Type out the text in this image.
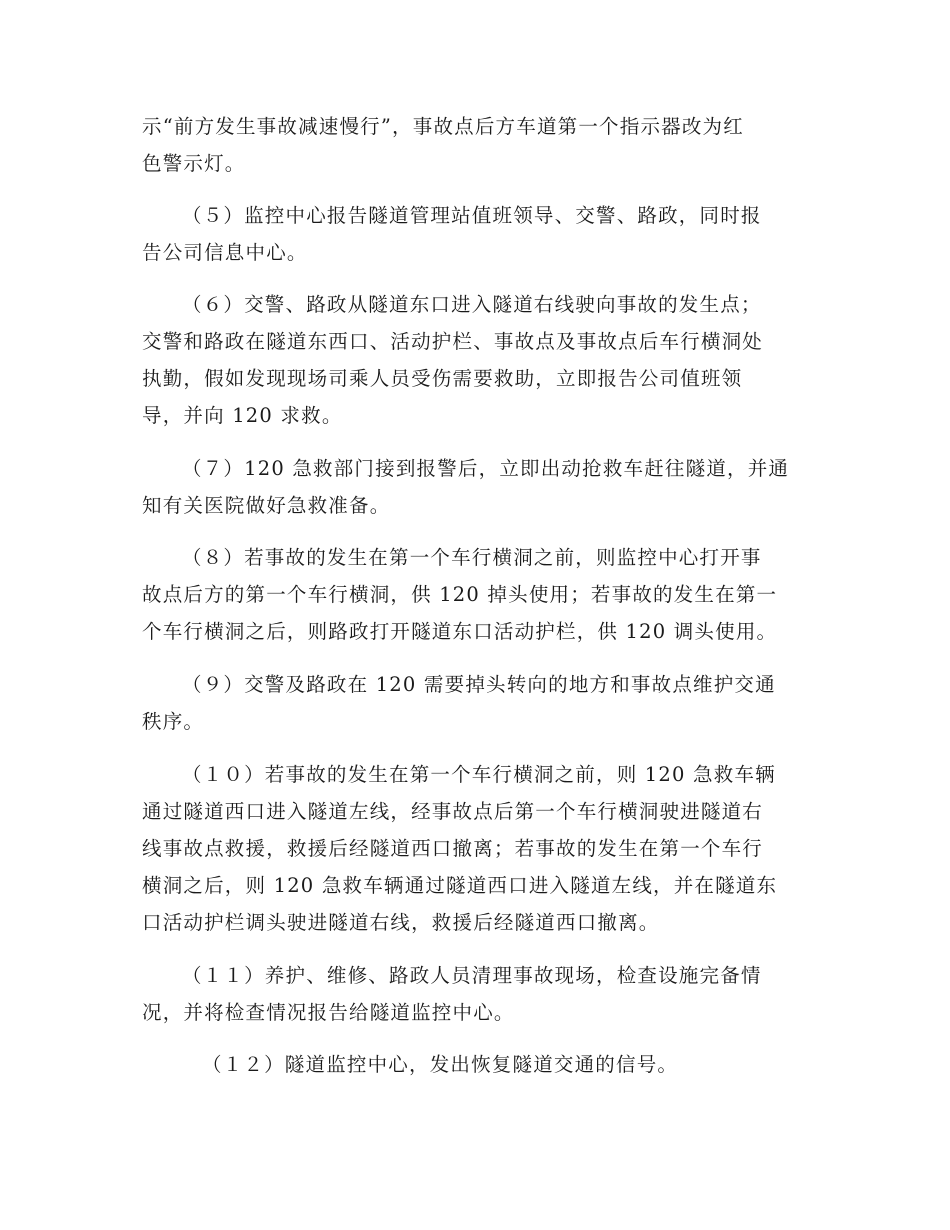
示“前方发生事故减速慢行”，事故点后方车道第一个指示器改为红
色警示灯。
（５）监控中心报告隧道管理站值班领导、交警、路政，同时报
告公司信息中心。
（６）交警、路政从隧道东口进入隧道右线驶向事故的发生点；
交警和路政在隧道东西口、活动护栏、事故点及事故点后车行横洞处
执勤，假如发现现场司乘人员受伤需要救助，立即报告公司值班领
导，并向 120 求救。
（７）120 急救部门接到报警后，立即出动抢救车赶往隧道，并通
知有关医院做好急救准备。
（８）若事故的发生在第一个车行横洞之前，则监控中心打开事
故点后方的第一个车行横洞，供 120 掉头使用；若事故的发生在第一
个车行横洞之后，则路政打开隧道东口活动护栏，供 120 调头使用。
（９）交警及路政在 120 需要掉头转向的地方和事故点维护交通
秩序。
（１０）若事故的发生在第一个车行横洞之前，则 120 急救车辆
通过隧道西口进入隧道左线，经事故点后第一个车行横洞驶进隧道右
线事故点救援，救援后经隧道西口撤离；若事故的发生在第一个车行
横洞之后，则 120 急救车辆通过隧道西口进入隧道左线，并在隧道东
口活动护栏调头驶进隧道右线，救援后经隧道西口撤离。
（１１）养护、维修、路政人员清理事故现场，检查设施完备情
况，并将检查情况报告给隧道监控中心。
（１２）隧道监控中心，发出恢复隧道交通的信号。
